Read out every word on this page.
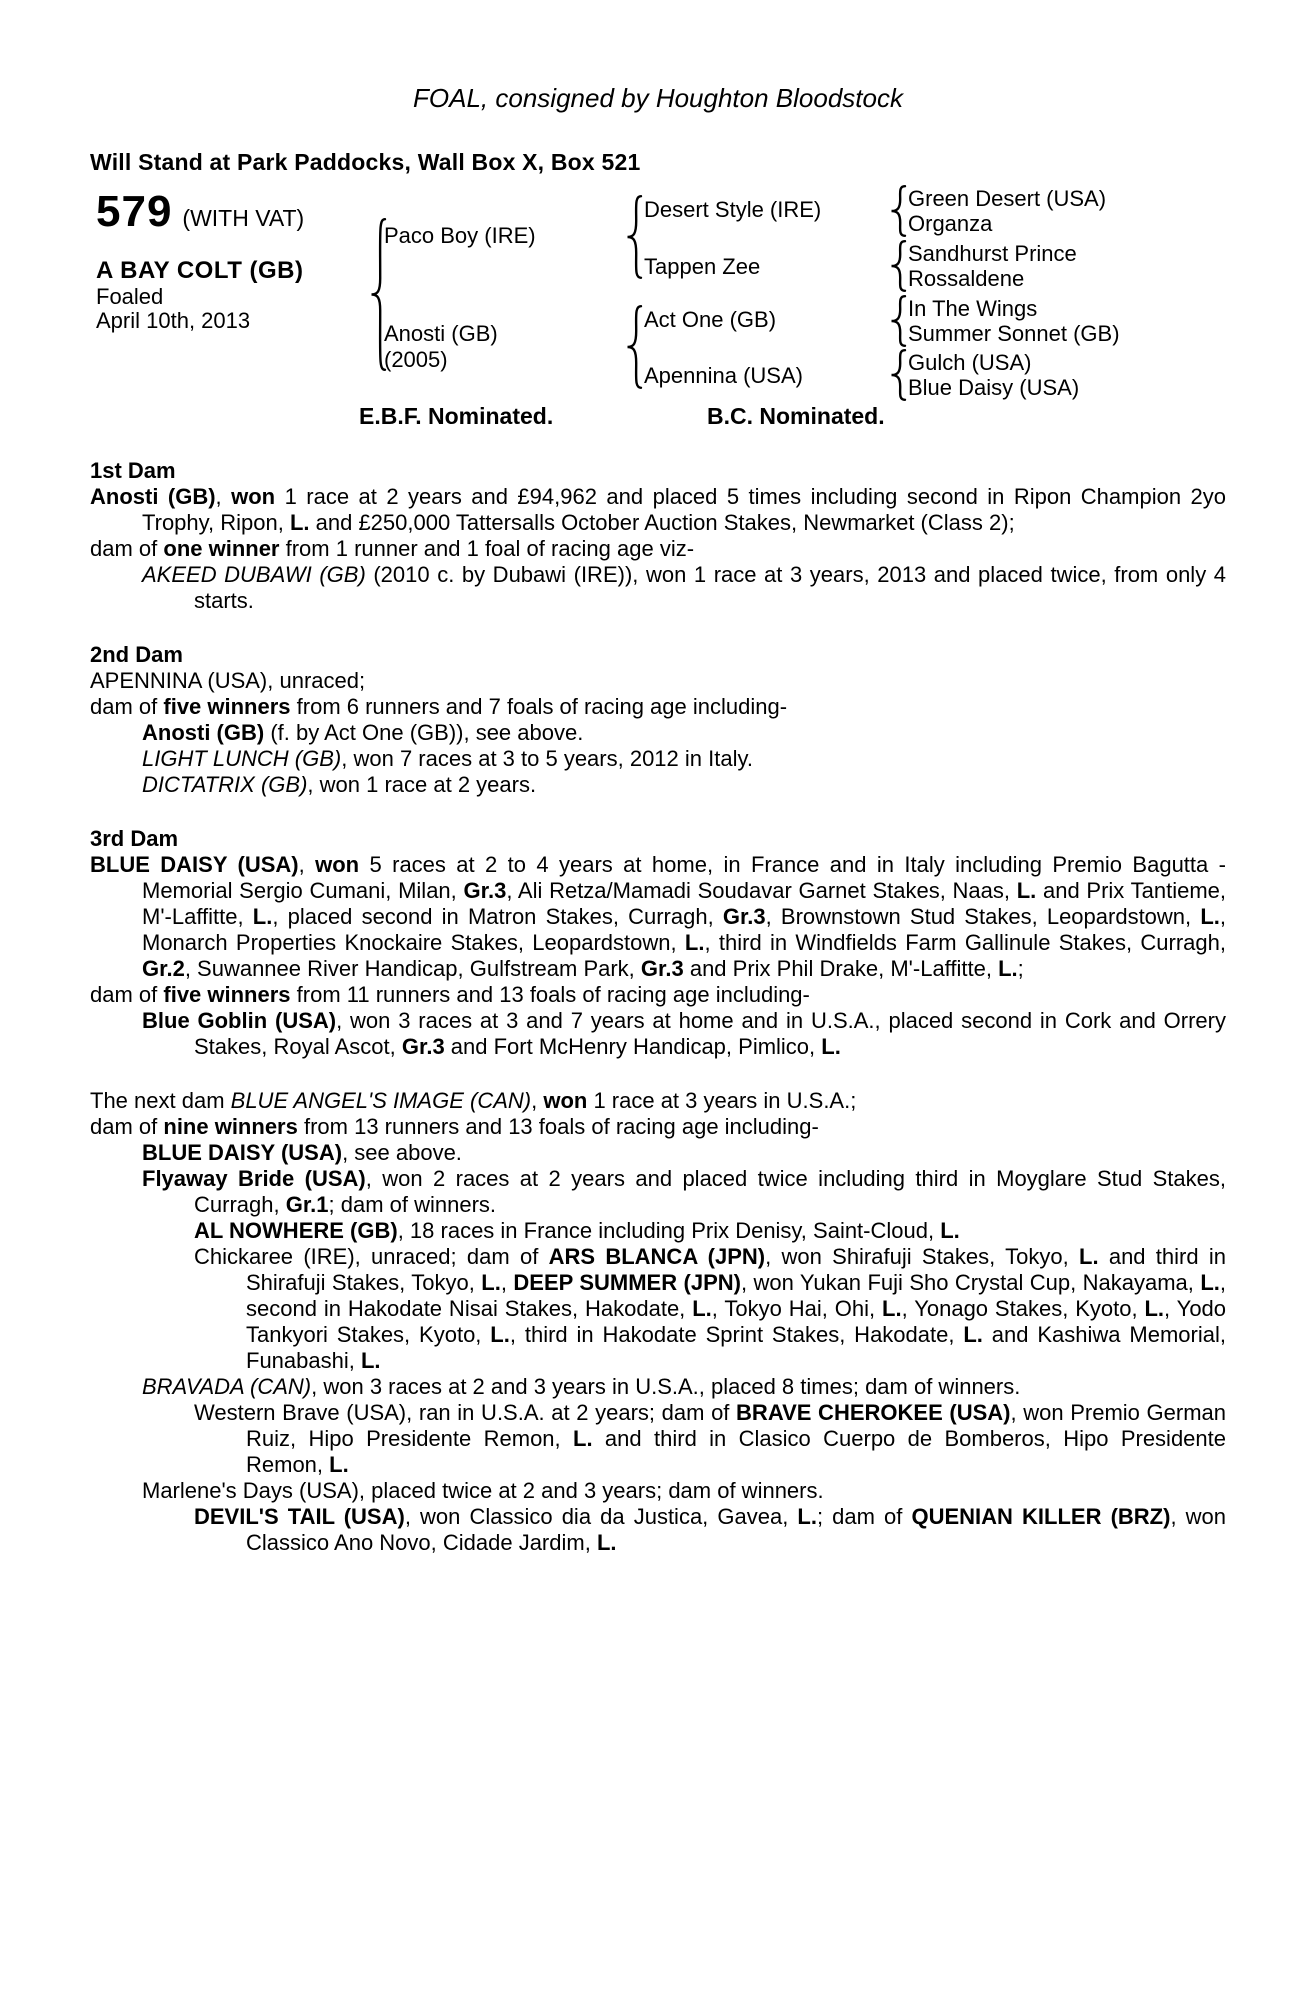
FOAL, consigned by Houghton Bloodstock
Will Stand at Park Paddocks, Wall Box X, Box 521
579 (WITH VAT)
A BAY COLT (GB)
Foaled
April 10th, 2013
Paco Boy (IRE)
Anosti (GB)
(2005)
Desert Style (IRE)
Tappen Zee
Act One (GB)
Apennina (USA)
Green Desert (USA)
Organza
Sandhurst Prince
Rossaldene
In The Wings
Summer Sonnet (GB)
Gulch (USA)
Blue Daisy (USA)
E.B.F. Nominated.	B.C. Nominated.
1st Dam

Anosti (GB), won 1 race at 2 years and £94,962 and placed 5 times including second in Ripon Champion 2yo Trophy, Ripon, L. and £250,000 Tattersalls October Auction Stakes, Newmarket (Class 2);

dam of one winner from 1 runner and 1 foal of racing age viz-

AKEED DUBAWI (GB) (2010 c. by Dubawi (IRE)), won 1 race at 3 years, 2013 and placed twice, from only 4 starts.

2nd Dam

APENNINA (USA), unraced;

dam of five winners from 6 runners and 7 foals of racing age including-

Anosti (GB) (f. by Act One (GB)), see above.

LIGHT LUNCH (GB), won 7 races at 3 to 5 years, 2012 in Italy.

DICTATRIX (GB), won 1 race at 2 years.

3rd Dam

BLUE DAISY (USA), won 5 races at 2 to 4 years at home, in France and in Italy including Premio Bagutta - Memorial Sergio Cumani, Milan, Gr.3, Ali Retza/Mamadi Soudavar Garnet Stakes, Naas, L. and Prix Tantieme, M'-Laffitte, L., placed second in Matron Stakes, Curragh, Gr.3, Brownstown Stud Stakes, Leopardstown, L., Monarch Properties Knockaire Stakes, Leopardstown, L., third in Windfields Farm Gallinule Stakes, Curragh, Gr.2, Suwannee River Handicap, Gulfstream Park, Gr.3 and Prix Phil Drake, M'-Laffitte, L.;

dam of five winners from 11 runners and 13 foals of racing age including-

Blue Goblin (USA), won 3 races at 3 and 7 years at home and in U.S.A., placed second in Cork and Orrery Stakes, Royal Ascot, Gr.3 and Fort McHenry Handicap, Pimlico, L.

The next dam BLUE ANGEL'S IMAGE (CAN), won 1 race at 3 years in U.S.A.;

dam of nine winners from 13 runners and 13 foals of racing age including-

BLUE DAISY (USA), see above.

Flyaway Bride (USA), won 2 races at 2 years and placed twice including third in Moyglare Stud Stakes, Curragh, Gr.1; dam of winners.

AL NOWHERE (GB), 18 races in France including Prix Denisy, Saint-Cloud, L.

Chickaree (IRE), unraced; dam of ARS BLANCA (JPN), won Shirafuji Stakes, Tokyo, L. and third in Shirafuji Stakes, Tokyo, L., DEEP SUMMER (JPN), won Yukan Fuji Sho Crystal Cup, Nakayama, L., second in Hakodate Nisai Stakes, Hakodate, L., Tokyo Hai, Ohi, L., Yonago Stakes, Kyoto, L., Yodo Tankyori Stakes, Kyoto, L., third in Hakodate Sprint Stakes, Hakodate, L. and Kashiwa Memorial, Funabashi, L.

BRAVADA (CAN), won 3 races at 2 and 3 years in U.S.A., placed 8 times; dam of winners.

Western Brave (USA), ran in U.S.A. at 2 years; dam of BRAVE CHEROKEE (USA), won Premio German Ruiz, Hipo Presidente Remon, L. and third in Clasico Cuerpo de Bomberos, Hipo Presidente Remon, L.

Marlene's Days (USA), placed twice at 2 and 3 years; dam of winners.

DEVIL'S TAIL (USA), won Classico dia da Justica, Gavea, L.; dam of QUENIAN KILLER (BRZ), won Classico Ano Novo, Cidade Jardim, L.
